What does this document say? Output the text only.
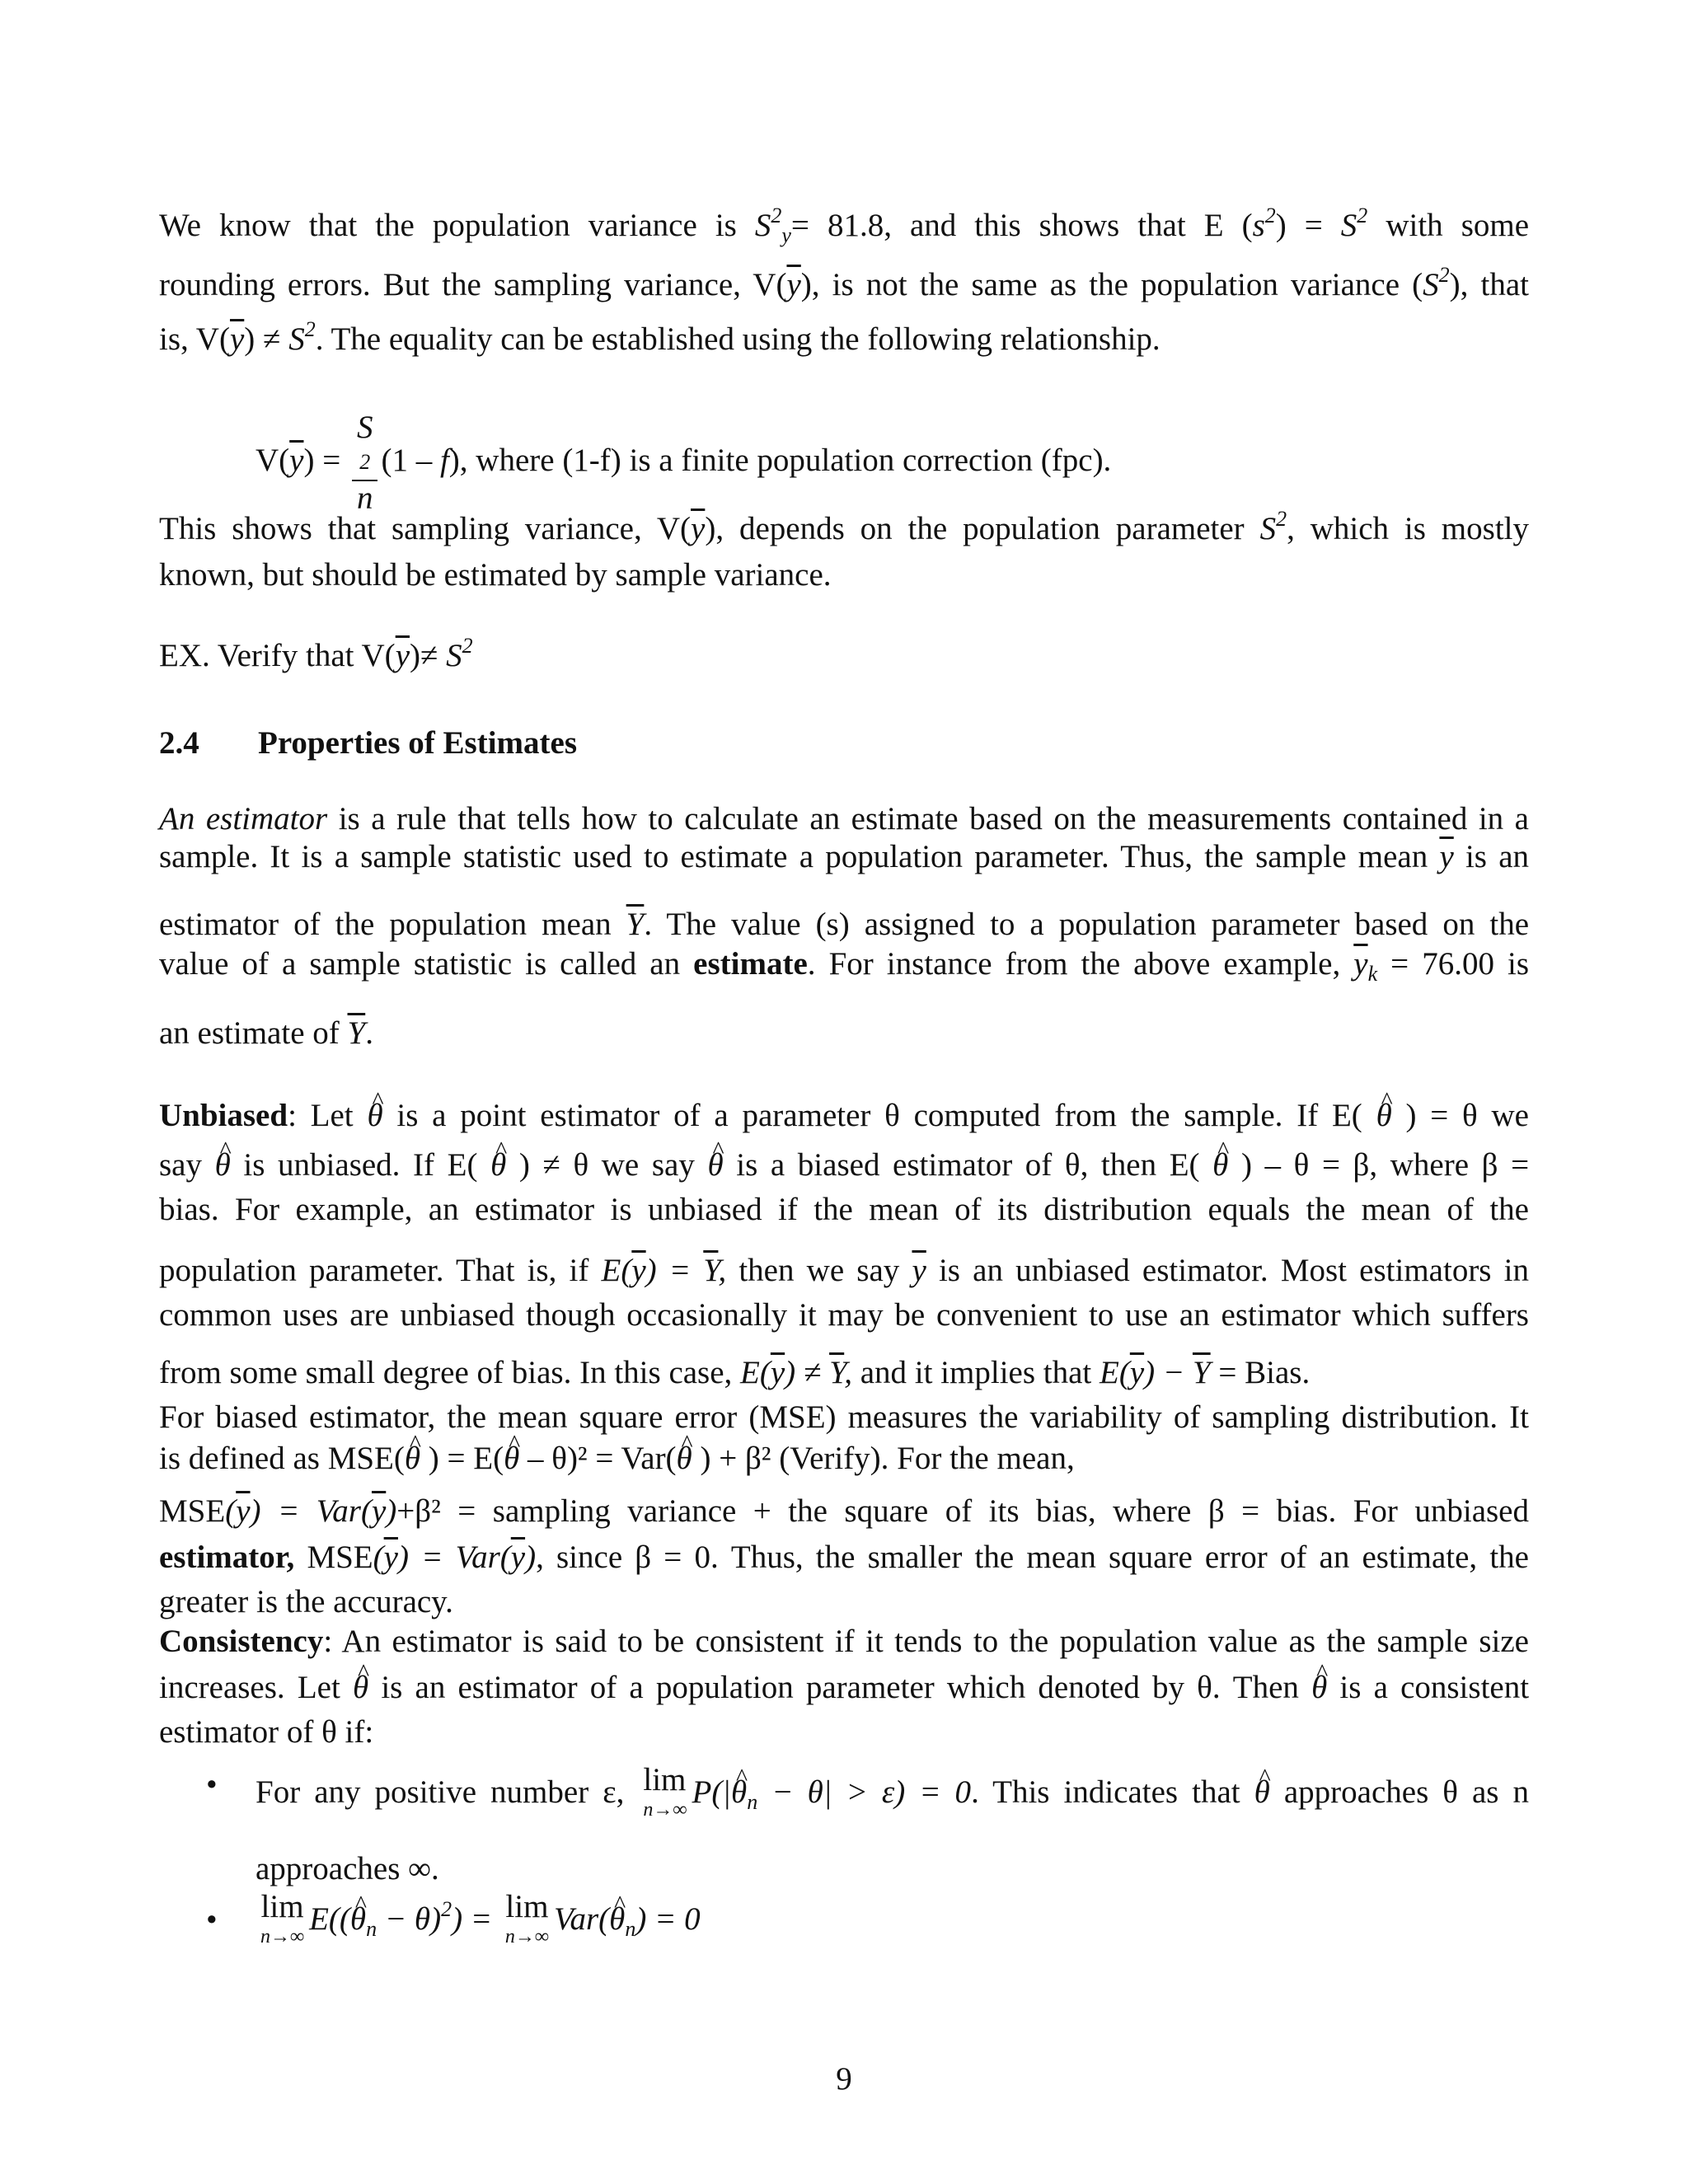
We know that the population variance is $S^2_y= 81.8$, and this shows that E $(s^2) = S^2$ with some
rounding errors. But the sampling variance, $V(\overline{y})$, is not the same as the population variance $(S^2)$, that
is, $V(\overline{y}) \ne S^2$. The equality can be established using the following relationship.
$V(\overline{y}) = S$
2
n (1 – f), where (1-f) is a finite population correction (fpc).
This shows that sampling variance, $V(\overline{y})$, depends on the population parameter $S^2$, which is mostly
known, but should be estimated by sample variance.
EX. Verify that $V(\overline{y})\ne S^2$
2.4 Properties of Estimates
An estimator is a rule that tells how to calculate an estimate based on the measurements contained in a
sample. It is a sample statistic used to estimate a population parameter. Thus, the sample mean $\overline{y}$ is an
estimator of the population mean $\overline{Y}$. The value (s) assigned to a population parameter based on the
value of a sample statistic is called an estimate. For instance from the above example, $\overline{y}_k = 76.00$ is
an estimate of $\overline{Y}$.
Unbiased: Let ^ θ is a point estimator of a parameter θ computed from the sample. If E( ^ θ ) = θ we
say ^ θ is unbiased. If E( ^ θ ) ≠ θ we say ^ θ is a biased estimator of θ, then E( ^ θ ) – θ = β, where β =
bias. For example, an estimator is unbiased if the mean of its distribution equals the mean of the
population parameter. That is, if $E(\overline{y}) = \overline{Y}$, then we say $\overline{y}$ is an unbiased estimator. Most estimators in
common uses are unbiased though occasionally it may be convenient to use an estimator which suffers
from some small degree of bias. In this case, $E(\overline{y}) \ne \overline{Y}$, and it implies that $E(\overline{y}) - \overline{Y}$ = Bias.
For biased estimator, the mean square error (MSE) measures the variability of sampling distribution. It
is defined as MSE(^ θ ) = E(^ θ – θ)² = Var(^ θ ) + β² (Verify). For the mean,
$MSE(\overline{y}) = Var(\overline{y})+\beta^2$ = sampling variance + the square of its bias, where β = bias. For unbiased
estimator, $MSE(\overline{y}) = Var(\overline{y})$, since β = 0. Thus, the smaller the mean square error of an estimate, the
greater is the accuracy.
Consistency: An estimator is said to be consistent if it tends to the population value as the sample size
increases. Let ^ θ is an estimator of a population parameter which denoted by θ. Then ^ θ is a consistent
estimator of θ if:
• For any positive number ε, lim
n→∞
P(|^ $\theta_n - \theta| > \varepsilon) = 0$. This indicates that ^ θ approaches θ as n
approaches ∞.
• lim
n→∞
E((^ $\theta_n - \theta)^2) = \lim$
n→∞
Var(^ $\theta_n) = 0$
9
